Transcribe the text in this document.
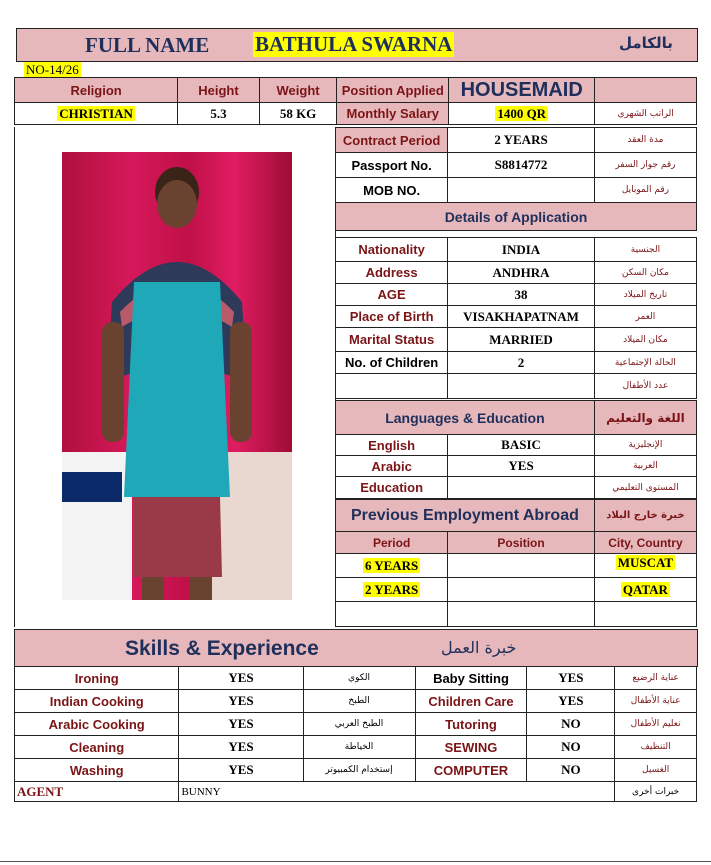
FULL NAME BATHULA SWARNA	بالكامل
NO-14/26
Religion	Height	Weight	Position Applied	HOUSEMAID	
CHRISTIAN	5.3	58 KG	Monthly Salary	1400 QR	الراتب الشهري
Contract Period	2 YEARS	مدة العقد
Passport No.	S8814772	رقم جواز السفر
MOB NO.		رقم الموبايل
Details of Application		
Nationality	INDIA	الجنسية
Address	ANDHRA	مكان السكن
AGE	38	تاريخ الميلاد
Place of Birth	VISAKHAPATNAM	العمر
Marital Status	MARRIED	مكان الميلاد
No. of Children	2	الحالة الإجتماعية
		عدد الأطفال
Languages & Education		اللغة والتعليم
English	BASIC	الإنجليزية
Arabic	YES	العربية
Education		المستوى التعليمي
Previous Employment Abroad		خبرة خارج البلاد
Period	Position	City, Country
6 YEARS		MUSCAT
2 YEARS		QATAR

Skills & Experience	خبرة العمل
Ironing	YES	الكوي	Baby Sitting	YES	عناية الرضيع
Indian Cooking	YES	الطبخ	Children Care	YES	عناية الأطفال
Arabic Cooking	YES	الطبخ العربي	Tutoring	NO	تعليم الأطفال
Cleaning	YES	الخياطة	SEWING	NO	التنظيف
Washing	YES	إستخدام الكمبيوتر	COMPUTER	NO	الغسيل
AGENT	BUNNY				خبرات أخرى
